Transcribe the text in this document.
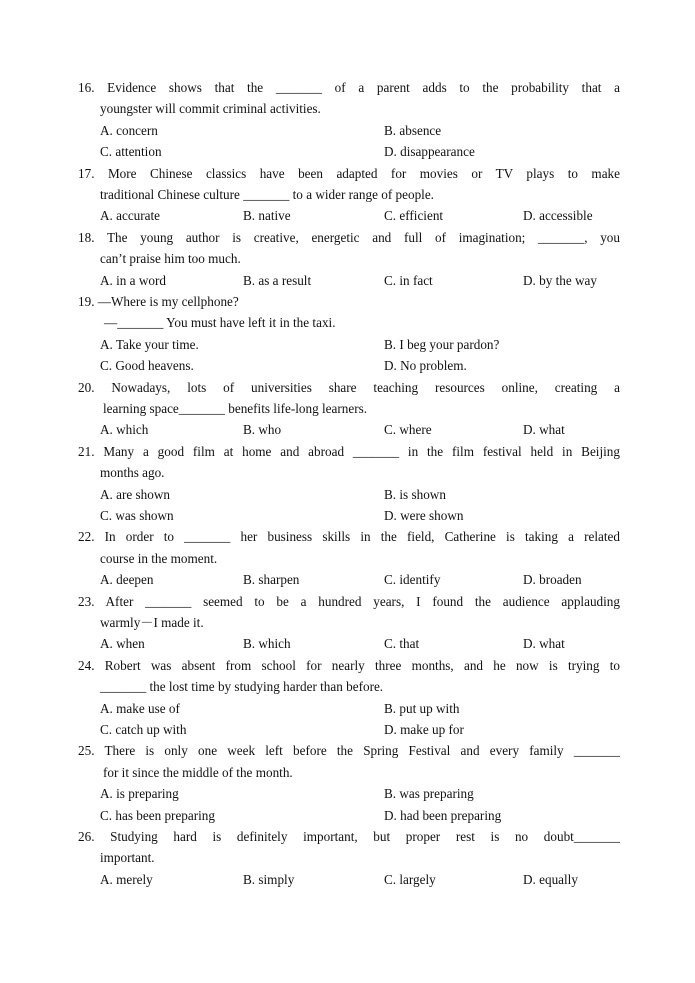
16. Evidence shows that the _______ of a parent adds to the probability that a
youngster will commit criminal activities.
A. concern	B. absence
C. attention	D. disappearance
17. More Chinese classics have been adapted for movies or TV plays to make
traditional Chinese culture _______ to a wider range of people.
A. accurate	B. native	C. efficient	D. accessible
18. The young author is creative, energetic and full of imagination; _______, you
can’t praise him too much.
A. in a word	B. as a result	C. in fact	D. by the way
19. —Where is my cellphone?
—_______ You must have left it in the taxi.
A. Take your time.	B. I beg your pardon?
C. Good heavens.	D. No problem.
20. Nowadays, lots of universities share teaching resources online, creating a
learning space_______ benefits life-long learners.
A. which	B. who	C. where	D. what
21. Many a good film at home and abroad _______ in the film festival held in Beijing
months ago.
A. are shown	B. is shown
C. was shown	D. were shown
22. In order to _______ her business skills in the field, Catherine is taking a related
course in the moment.
A. deepen	B. sharpen	C. identify	D. broaden
23. After _______ seemed to be a hundred years, I found the audience applauding
warmly－I made it.
A. when	B. which	C. that	D. what
24. Robert was absent from school for nearly three months, and he now is trying to
_______ the lost time by studying harder than before.
A. make use of	B. put up with
C. catch up with	D. make up for
25. There is only one week left before the Spring Festival and every family _______
for it since the middle of the month.
A. is preparing	B. was preparing
C. has been preparing	D. had been preparing
26. Studying hard is definitely important, but proper rest is no doubt_______
important.
A. merely	B. simply	C. largely	D. equally
